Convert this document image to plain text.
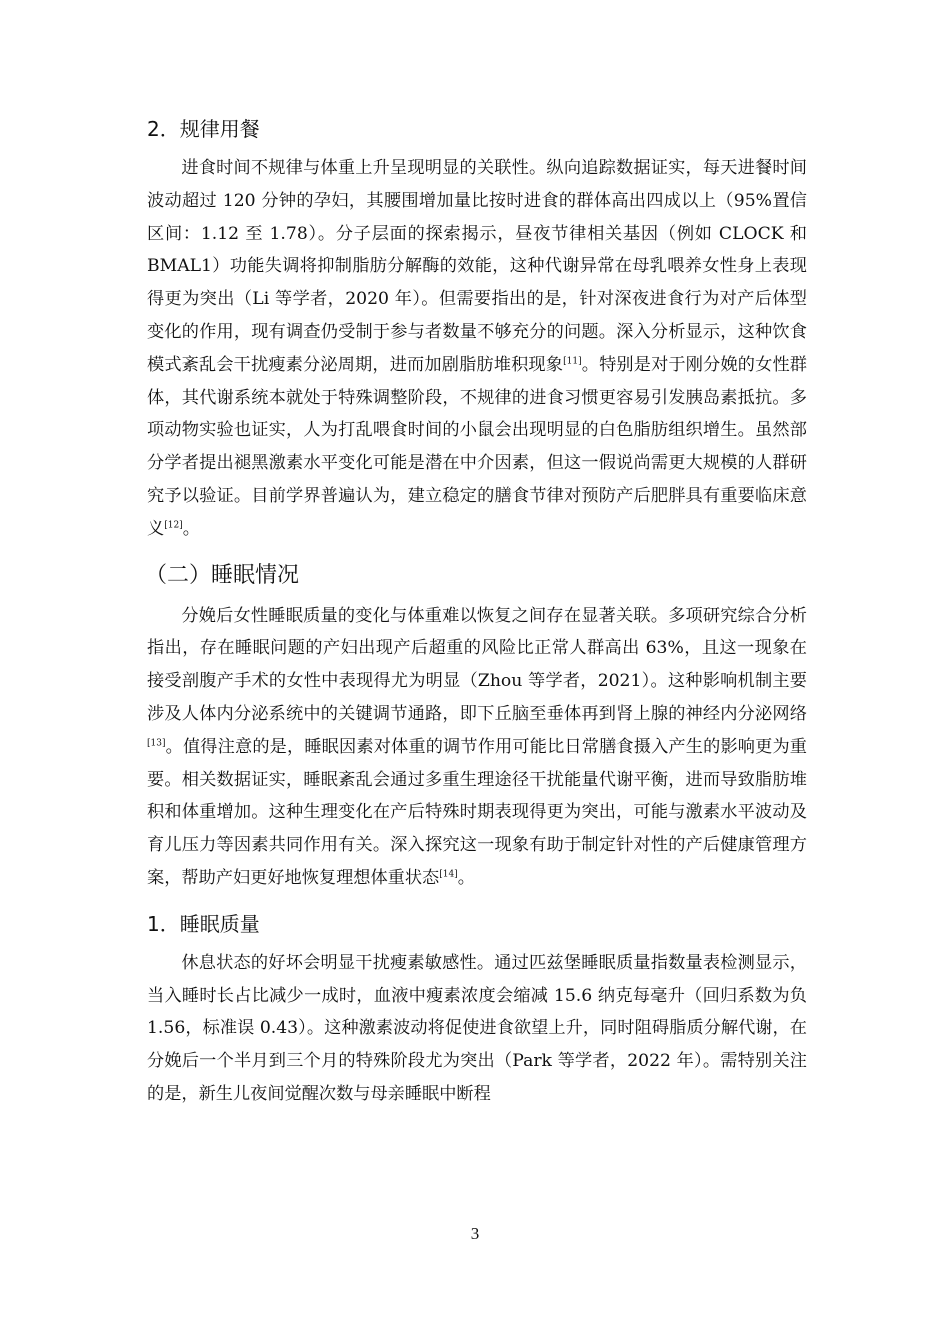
2．规律用餐

进食时间不规律与体重上升呈现明显的关联性。纵向追踪数据证实，每天进餐时间波动超过 120 分钟的孕妇，其腰围增加量比按时进食的群体高出四成以上（95%置信区间：1.12 至 1.78）。分子层面的探索揭示，昼夜节律相关基因（例如 CLOCK 和 BMAL1）功能失调将抑制脂肪分解酶的效能，这种代谢异常在母乳喂养女性身上表现得更为突出（Li 等学者，2020 年）。但需要指出的是，针对深夜进食行为对产后体型变化的作用，现有调查仍受制于参与者数量不够充分的问题。深入分析显示，这种饮食模式紊乱会干扰瘦素分泌周期，进而加剧脂肪堆积现象[11]。特别是对于刚分娩的女性群体，其代谢系统本就处于特殊调整阶段，不规律的进食习惯更容易引发胰岛素抵抗。多项动物实验也证实，人为打乱喂食时间的小鼠会出现明显的白色脂肪组织增生。虽然部分学者提出褪黑激素水平变化可能是潜在中介因素，但这一假说尚需更大规模的人群研究予以验证。目前学界普遍认为，建立稳定的膳食节律对预防产后肥胖具有重要临床意义[12]。

（二）睡眠情况

分娩后女性睡眠质量的变化与体重难以恢复之间存在显著关联。多项研究综合分析指出，存在睡眠问题的产妇出现产后超重的风险比正常人群高出 63%，且这一现象在接受剖腹产手术的女性中表现得尤为明显（Zhou 等学者，2021）。这种影响机制主要涉及人体内分泌系统中的关键调节通路，即下丘脑至垂体再到肾上腺的神经内分泌网络[13]。值得注意的是，睡眠因素对体重的调节作用可能比日常膳食摄入产生的影响更为重要。相关数据证实，睡眠紊乱会通过多重生理途径干扰能量代谢平衡，进而导致脂肪堆积和体重增加。这种生理变化在产后特殊时期表现得更为突出，可能与激素水平波动及育儿压力等因素共同作用有关。深入探究这一现象有助于制定针对性的产后健康管理方案，帮助产妇更好地恢复理想体重状态[14]。

1．睡眠质量

休息状态的好坏会明显干扰瘦素敏感性。通过匹兹堡睡眠质量指数量表检测显示，当入睡时长占比减少一成时，血液中瘦素浓度会缩减 15.6 纳克每毫升（回归系数为负 1.56，标准误 0.43）。这种激素波动将促使进食欲望上升，同时阻碍脂质分解代谢，在分娩后一个半月到三个月的特殊阶段尤为突出（Park 等学者，2022 年）。需特别关注的是，新生儿夜间觉醒次数与母亲睡眠中断程

3
